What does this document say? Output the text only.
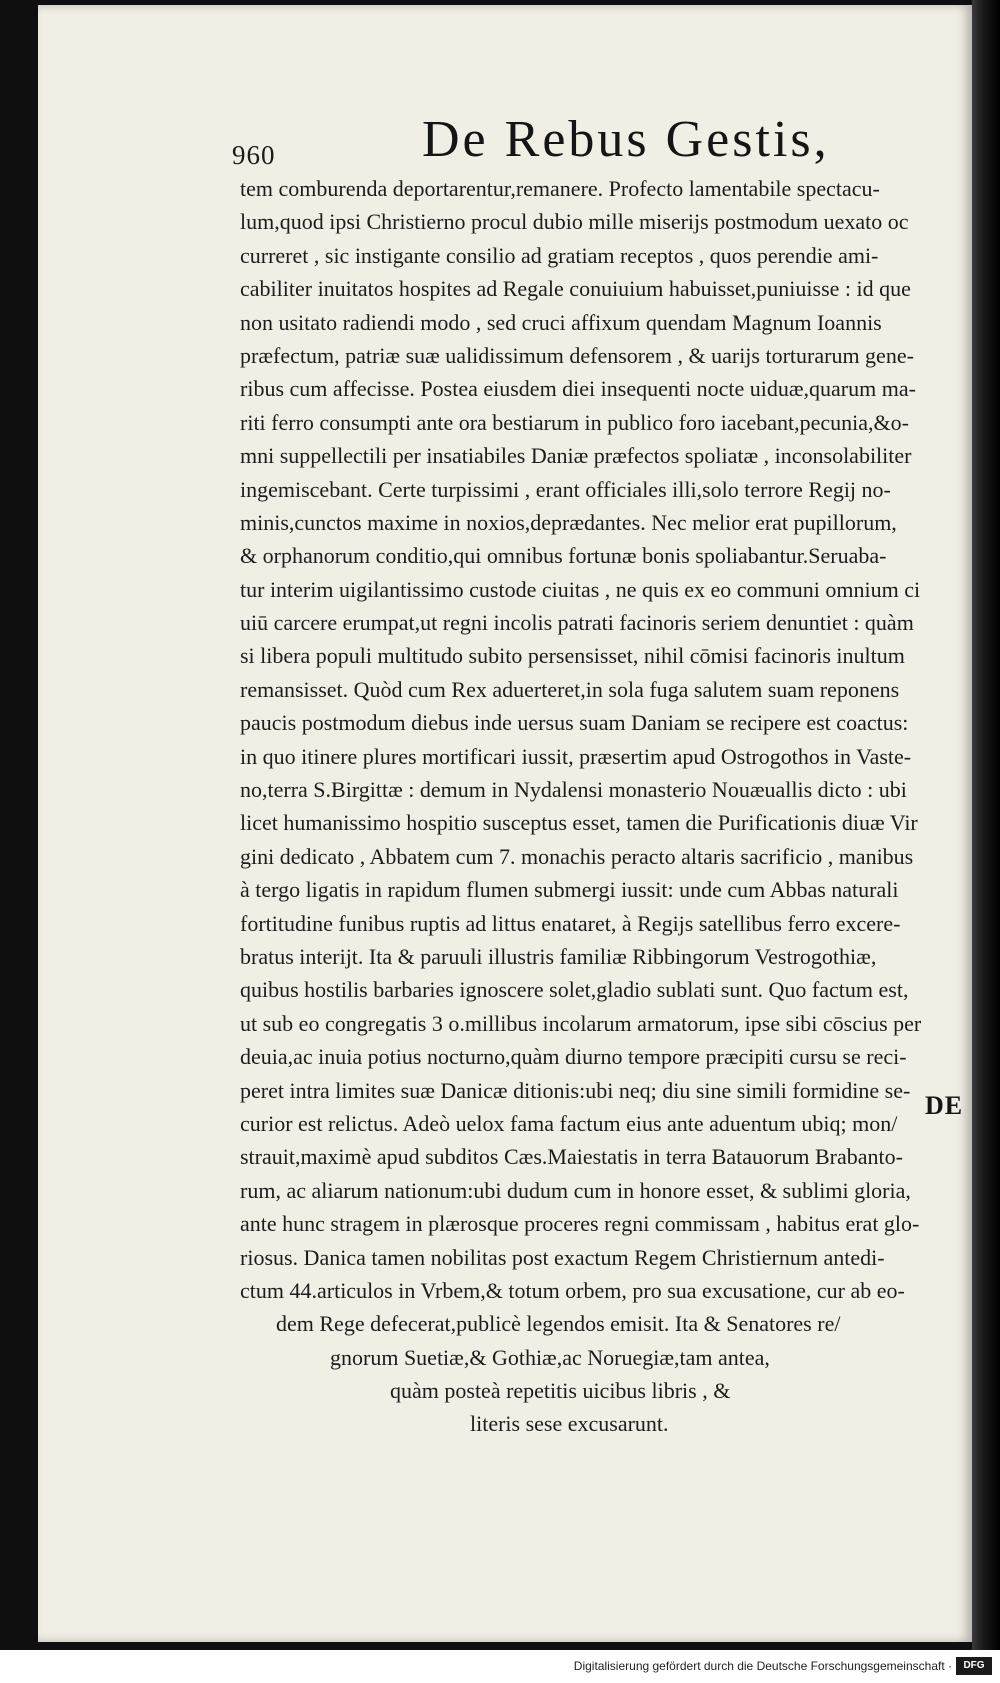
960	De Rebus Gestis,
tem comburenda deportarentur,remanere. Profecto lamentabile spectacu-
lum,quod ipsi Christierno procul dubio mille miserijs postmodum uexato oc
curreret , sic instigante consilio ad gratiam receptos , quos perendie ami-
cabiliter inuitatos hospites ad Regale conuiuium habuisset,puniuisse : id que
non usitato radiendi modo , sed cruci affixum quendam Magnum Ioannis
præfectum, patriæ suæ ualidissimum defensorem , & uarijs torturarum gene-
ribus cum affecisse. Postea eiusdem diei insequenti nocte uiduæ,quarum ma-
riti ferro consumpti ante ora bestiarum in publico foro iacebant,pecunia,&o-
mni suppellectili per insatiabiles Daniæ præfectos spoliatæ , inconsolabiliter
ingemiscebant. Certe turpissimi , erant officiales illi,solo terrore Regij no-
minis,cunctos maxime in noxios,deprædantes. Nec melior erat pupillorum,
& orphanorum conditio,qui omnibus fortunæ bonis spoliabantur.Seruaba-
tur interim uigilantissimo custode ciuitas , ne quis ex eo communi omnium ci
uiū carcere erumpat,ut regni incolis patrati facinoris seriem denuntiet : quàm
si libera populi multitudo subito persensisset, nihil cōmisi facinoris inultum
remansisset. Quòd cum Rex aduerteret,in sola fuga salutem suam reponens
paucis postmodum diebus inde uersus suam Daniam se recipere est coactus:
in quo itinere plures mortificari iussit, præsertim apud Ostrogothos in Vaste-
no,terra S.Birgittæ : demum in Nydalensi monasterio Nouæuallis dicto : ubi
licet humanissimo hospitio susceptus esset, tamen die Purificationis diuæ Vir
gini dedicato , Abbatem cum 7. monachis peracto altaris sacrificio , manibus
à tergo ligatis in rapidum flumen submergi iussit: unde cum Abbas naturali
fortitudine funibus ruptis ad littus enataret, à Regijs satellibus ferro excere-
bratus interijt. Ita & paruuli illustris familiæ Ribbingorum Vestrogothiæ,
quibus hostilis barbaries ignoscere solet,gladio sublati sunt. Quo factum est,
ut sub eo congregatis 3 o.millibus incolarum armatorum, ipse sibi cōscius per
deuia,ac inuia potius nocturno,quàm diurno tempore præcipiti cursu se reci-
peret intra limites suæ Danicæ ditionis:ubi neq; diu sine simili formidine se-
curior est relictus. Adeò uelox fama factum eius ante aduentum ubiq; mon/
strauit,maximè apud subditos Cæs.Maiestatis in terra Batauorum Brabanto-
rum, ac aliarum nationum:ubi dudum cum in honore esset, & sublimi gloria,
ante hunc stragem in plærosque proceres regni commissam , habitus erat glo-
riosus. Danica tamen nobilitas post exactum Regem Christiernum antedi-
ctum 44.articulos in Vrbem,& totum orbem, pro sua excusatione, cur ab eo-
dem Rege defecerat,publicè legendos emisit. Ita & Senatores re/
gnorum Suetiæ,& Gothiæ,ac Noruegiæ,tam antea,
quàm posteà repetitis uicibus libris , &
literis sese excusarunt.
DE
Digitalisierung gefördert durch die Deutsche Forschungsgemeinschaft ·	DFG
